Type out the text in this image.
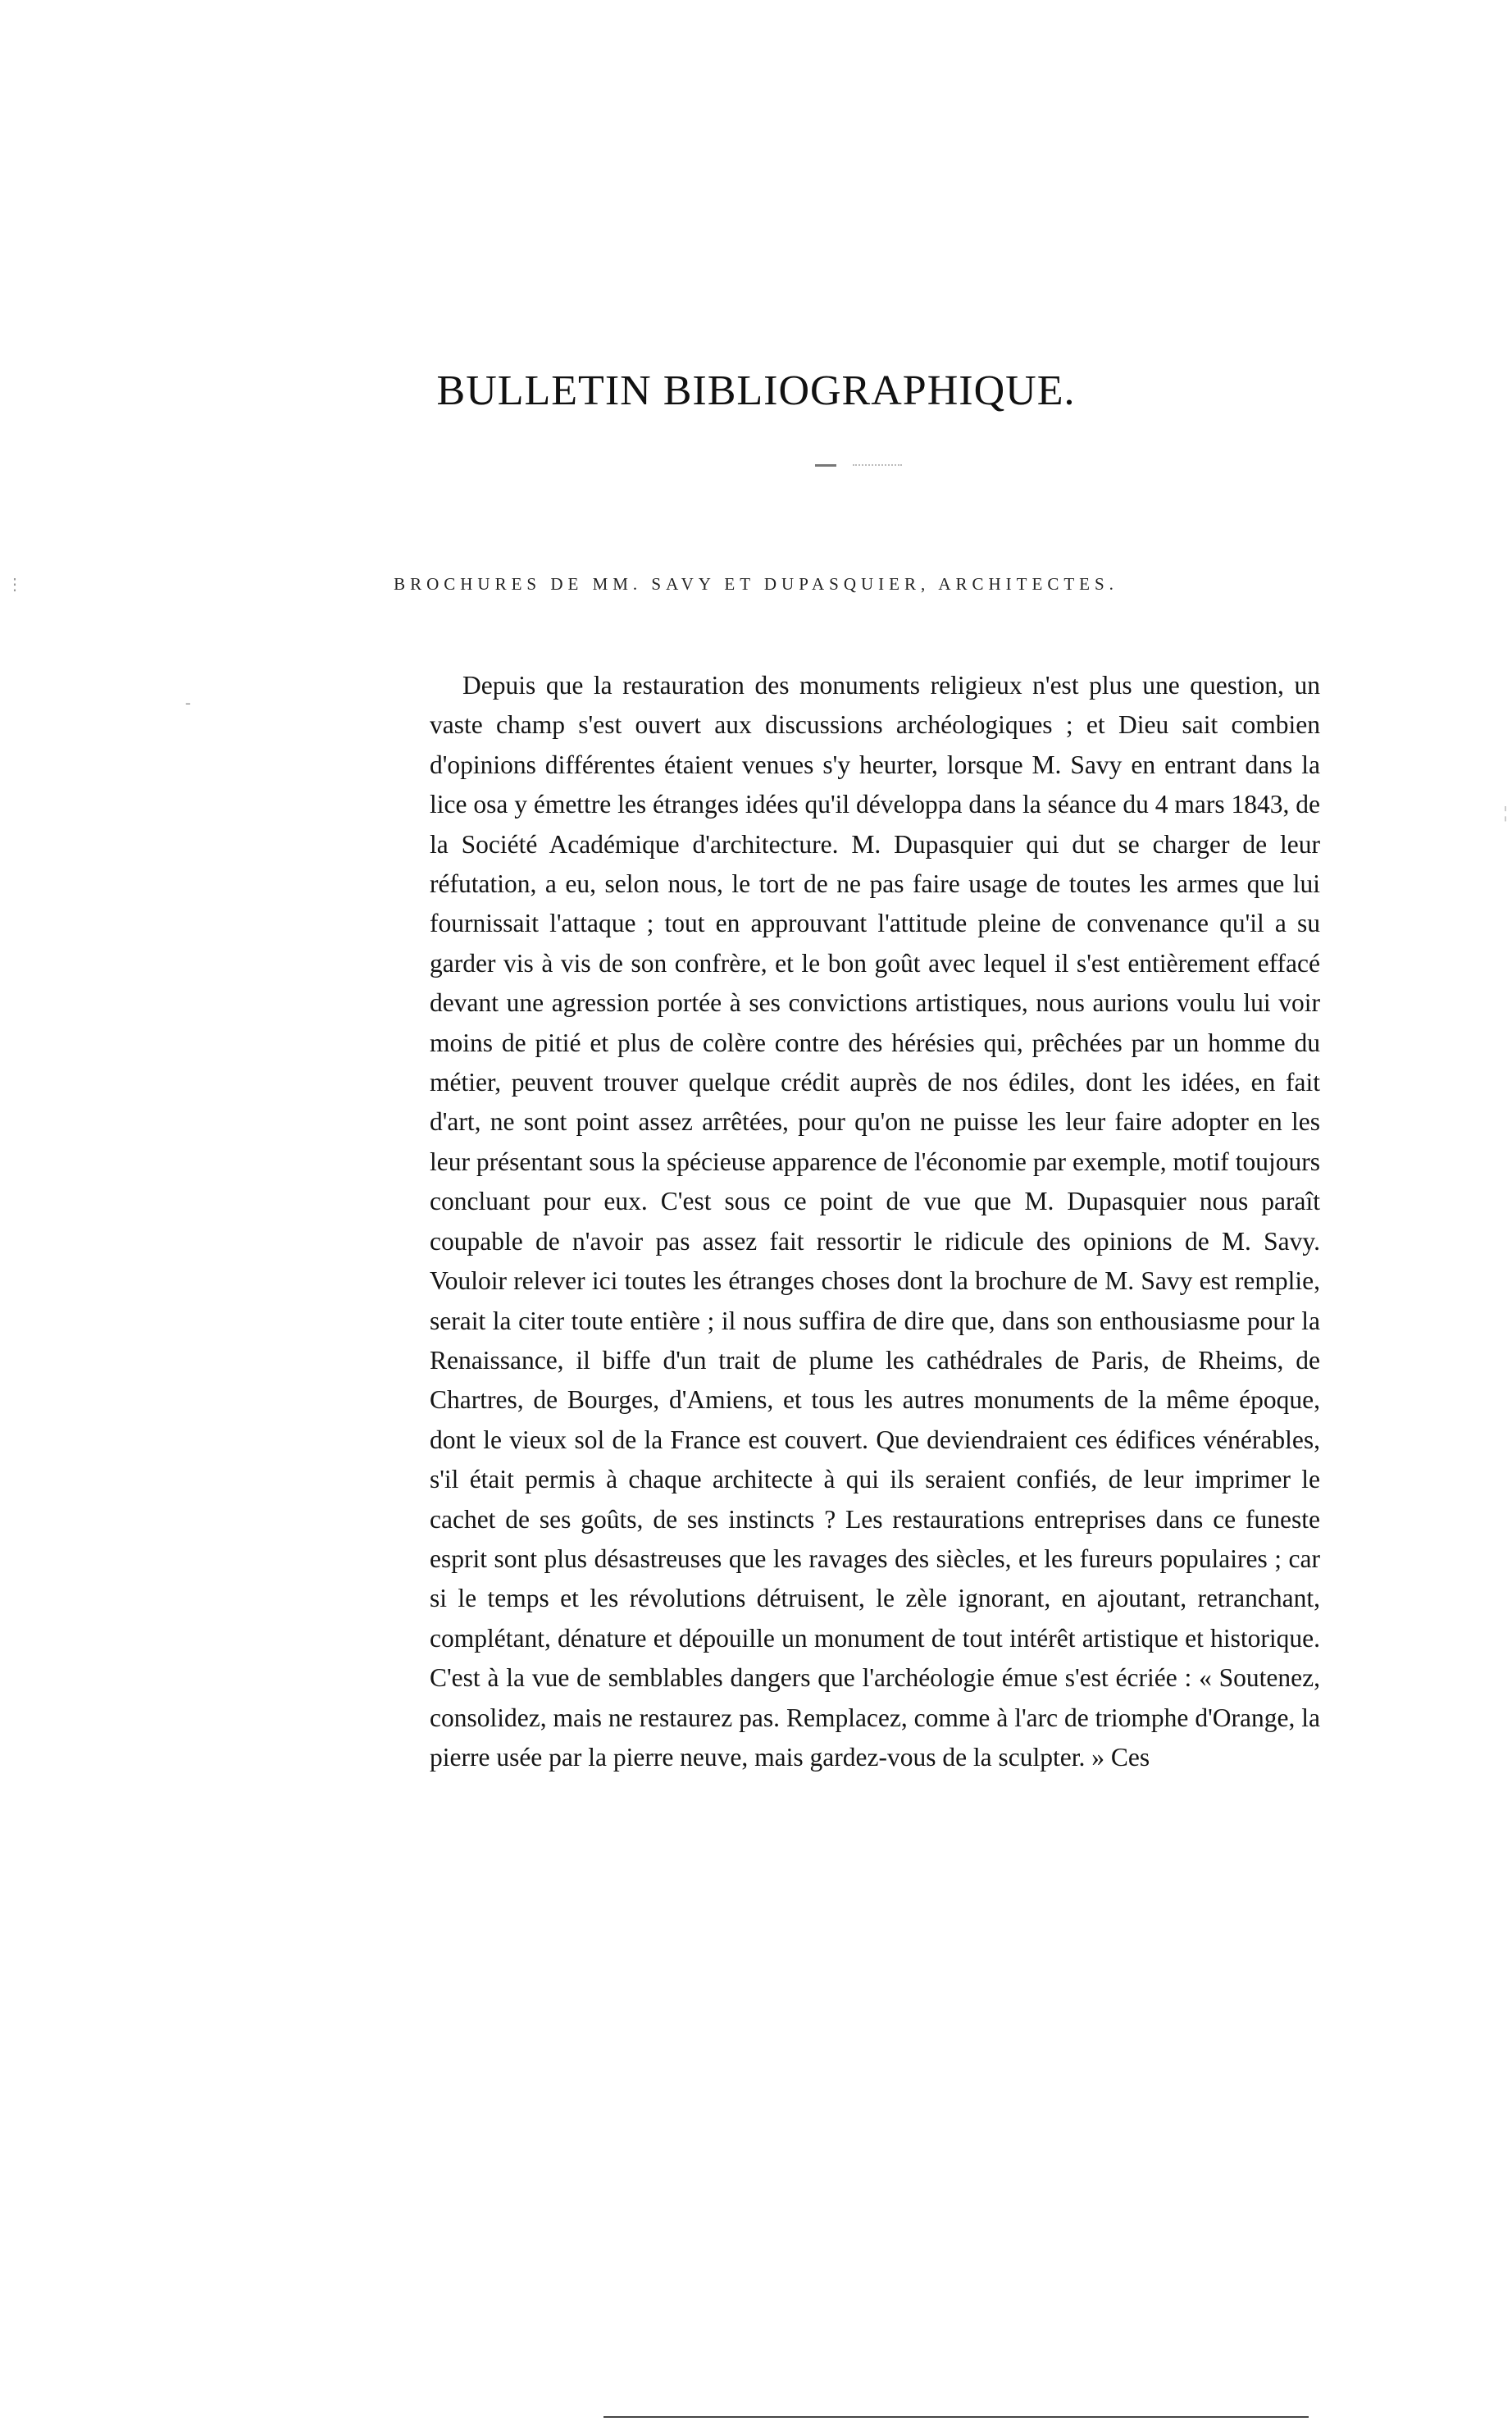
BULLETIN BIBLIOGRAPHIQUE.
BROCHURES DE MM. SAVY ET DUPASQUIER, ARCHITECTES.

Depuis que la restauration des monuments religieux n'est plus une question, un vaste champ s'est ouvert aux discussions archéologiques ; et Dieu sait combien d'opinions différentes étaient venues s'y heurter, lorsque M. Savy en entrant dans la lice osa y émettre les étranges idées qu'il développa dans la séance du 4 mars 1843, de la Société Académique d'architecture. M. Dupasquier qui dut se charger de leur réfutation, a eu, selon nous, le tort de ne pas faire usage de toutes les armes que lui fournissait l'attaque ; tout en approuvant l'attitude pleine de convenance qu'il a su garder vis à vis de son confrère, et le bon goût avec lequel il s'est entièrement effacé devant une agression portée à ses convictions artistiques, nous aurions voulu lui voir moins de pitié et plus de colère contre des hérésies qui, prêchées par un homme du métier, peuvent trouver quelque crédit auprès de nos édiles, dont les idées, en fait d'art, ne sont point assez arrêtées, pour qu'on ne puisse les leur faire adopter en les leur présentant sous la spécieuse apparence de l'économie par exemple, motif toujours concluant pour eux. C'est sous ce point de vue que M. Dupasquier nous paraît coupable de n'avoir pas assez fait ressortir le ridicule des opinions de M. Savy. Vouloir relever ici toutes les étranges choses dont la brochure de M. Savy est remplie, serait la citer toute entière ; il nous suffira de dire que, dans son enthousiasme pour la Renaissance, il biffe d'un trait de plume les cathédrales de Paris, de Rheims, de Chartres, de Bourges, d'Amiens, et tous les autres monuments de la même époque, dont le vieux sol de la France est couvert. Que deviendraient ces édifices vénérables, s'il était permis à chaque architecte à qui ils seraient confiés, de leur imprimer le cachet de ses goûts, de ses instincts ? Les restaurations entreprises dans ce funeste esprit sont plus désastreuses que les ravages des siècles, et les fureurs populaires ; car si le temps et les révolutions détruisent, le zèle ignorant, en ajoutant, retranchant, complétant, dénature et dépouille un monument de tout intérêt artistique et historique. C'est à la vue de semblables dangers que l'archéologie émue s'est écriée : « Soutenez, consolidez, mais ne restaurez pas. Remplacez, comme à l'arc de triomphe d'Orange, la pierre usée par la pierre neuve, mais gardez-vous de la sculpter. » Ces

⋮
-
¦
